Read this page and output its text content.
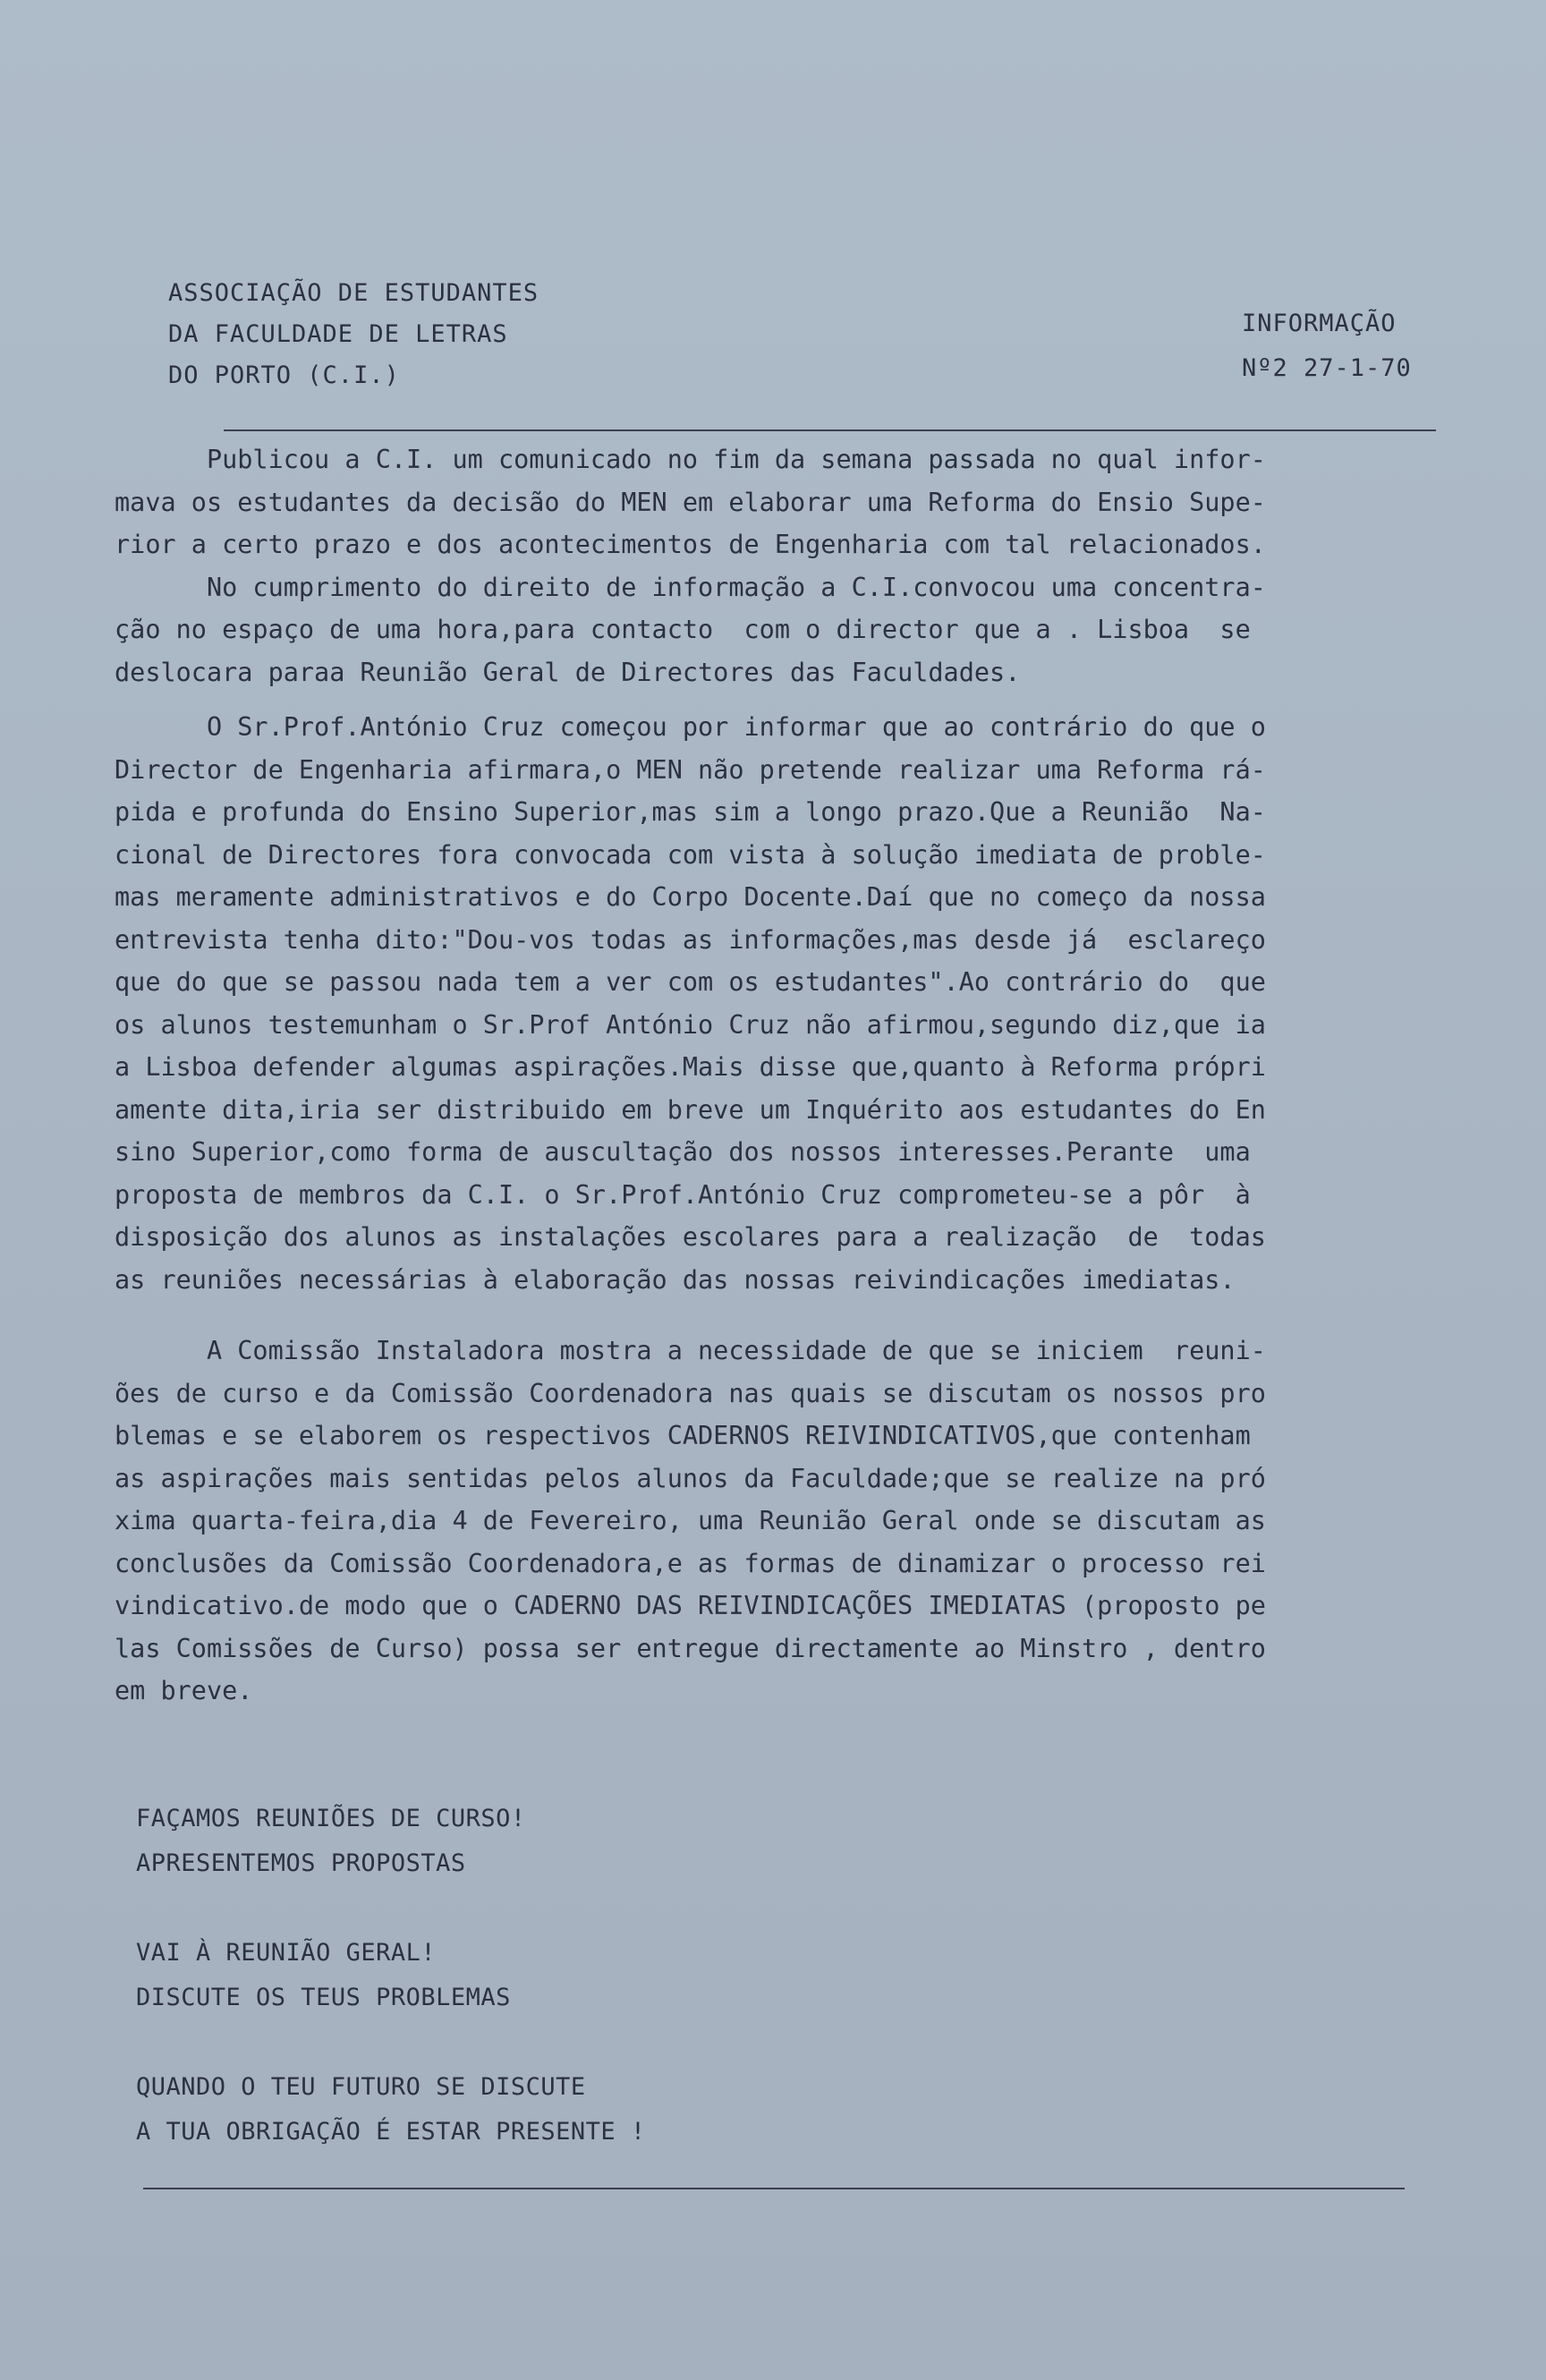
ASSOCIAÇÃO DE ESTUDANTES
DA FACULDADE DE LETRAS
DO PORTO (C.I.)
INFORMAÇÃO
Nº2 27-1-70

Publicou a C.I. um comunicado no fim da semana passada no qual infor-
mava os estudantes da decisão do MEN em elaborar uma Reforma do Ensio Supe-
rior a certo prazo e dos acontecimentos de Engenharia com tal relacionados.

No cumprimento do direito de informação a C.I.convocou uma concentra-
ção no espaço de uma hora,para contacto  com o director que a . Lisboa  se
deslocara paraa Reunião Geral de Directores das Faculdades.

O Sr.Prof.António Cruz começou por informar que ao contrário do que o
Director de Engenharia afirmara,o MEN não pretende realizar uma Reforma rá-
pida e profunda do Ensino Superior,mas sim a longo prazo.Que a Reunião  Na-
cional de Directores fora convocada com vista à solução imediata de proble-
mas meramente administrativos e do Corpo Docente.Daí que no começo da nossa
entrevista tenha dito:"Dou-vos todas as informações,mas desde já  esclareço
que do que se passou nada tem a ver com os estudantes".Ao contrário do  que
os alunos testemunham o Sr.Prof António Cruz não afirmou,segundo diz,que ia
a Lisboa defender algumas aspirações.Mais disse que,quanto à Reforma própri
amente dita,iria ser distribuido em breve um Inquérito aos estudantes do En
sino Superior,como forma de auscultação dos nossos interesses.Perante  uma
proposta de membros da C.I. o Sr.Prof.António Cruz comprometeu-se a pôr  à
disposição dos alunos as instalações escolares para a realização  de  todas
as reuniões necessárias à elaboração das nossas reivindicações imediatas.

A Comissão Instaladora mostra a necessidade de que se iniciem  reuni-
ões de curso e da Comissão Coordenadora nas quais se discutam os nossos pro
blemas e se elaborem os respectivos CADERNOS REIVINDICATIVOS,que contenham
as aspirações mais sentidas pelos alunos da Faculdade;que se realize na pró
xima quarta-feira,dia 4 de Fevereiro, uma Reunião Geral onde se discutam as
conclusões da Comissão Coordenadora,e as formas de dinamizar o processo rei
vindicativo.de modo que o CADERNO DAS REIVINDICAÇÕES IMEDIATAS (proposto pe
las Comissões de Curso) possa ser entregue directamente ao Minstro , dentro
em breve.

FAÇAMOS REUNIÕES DE CURSO!
APRESENTEMOS PROPOSTAS
VAI À REUNIÃO GERAL!
DISCUTE OS TEUS PROBLEMAS
QUANDO O TEU FUTURO SE DISCUTE
A TUA OBRIGAÇÃO É ESTAR PRESENTE !
